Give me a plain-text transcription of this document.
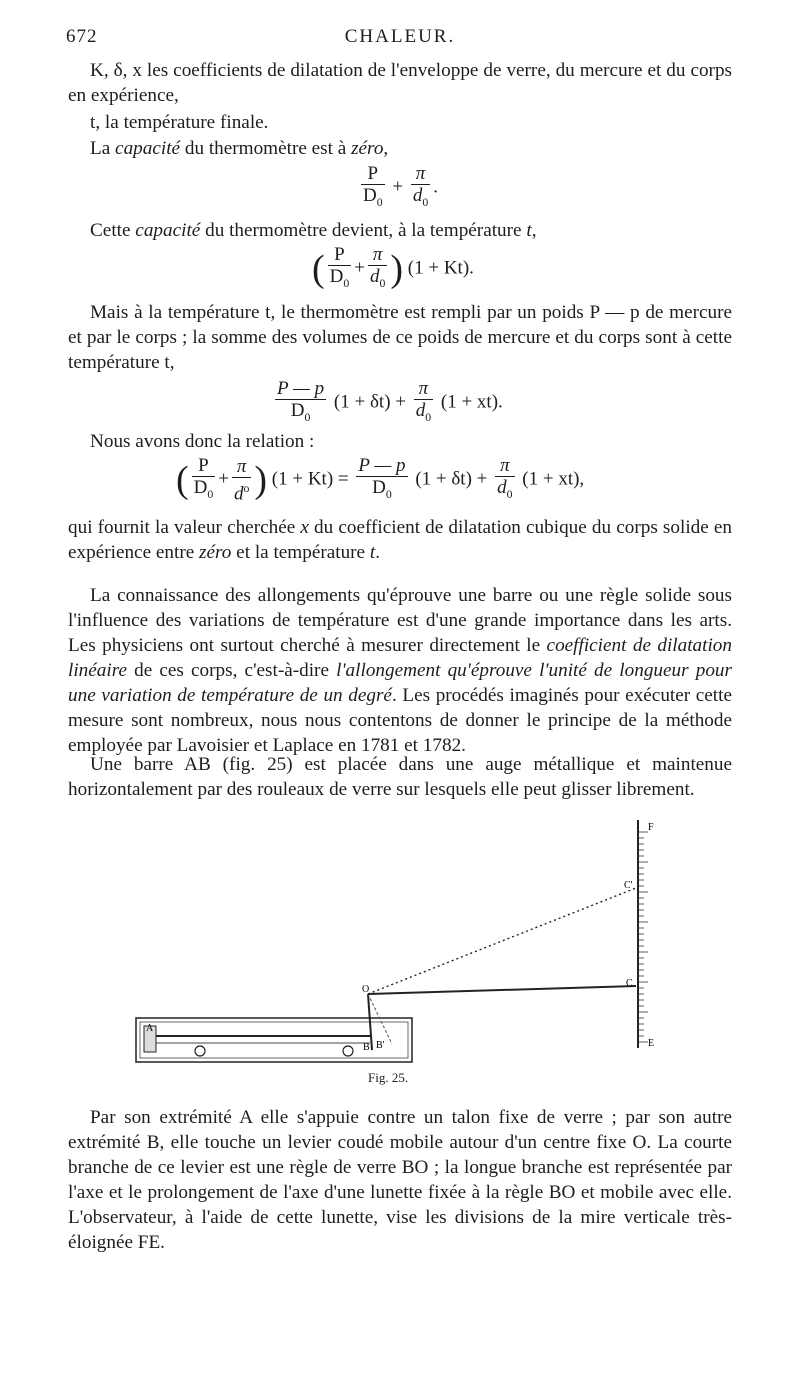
672	CHALEUR.

K, δ, x les coefficients de dilatation de l'enveloppe de verre, du mercure et du corps en expérience,

t, la température finale.
La capacité du thermomètre est à zéro,
$\frac{P}{D_0} + \frac{\pi}{d_0}$ .
Cette capacité du thermomètre devient, à la température t,
( $\frac{P}{D_0} + \frac{\pi}{d_0}$ ) (1 + Kt).

Mais à la température t, le thermomètre est rempli par un poids P — p de mercure et par le corps ; la somme des volumes de ce poids de mercure et du corps sont à cette température t,

$\frac{P — p}{D_0} (1 + \delta t) + \frac{\pi}{d_0} (1 + xt)$.
Nous avons donc la relation :
( $\frac{P}{D_0} + \frac{\pi}{d^o}$ ) $(1 + Kt) = \frac{P — p}{D_0} (1 + \delta t) + \frac{\pi}{d_0} (1 + xt)$,

qui fournit la valeur cherchée x du coefficient de dilatation cubique du corps solide en expérience entre zéro et la température t.

La connaissance des allongements qu'éprouve une barre ou une règle solide sous l'influence des variations de température est d'une grande importance dans les arts. Les physiciens ont surtout cherché à mesurer directement le coefficient de dilatation linéaire de ces corps, c'est-à-dire l'allongement qu'éprouve l'unité de longueur pour une variation de température de un degré. Les procédés imaginés pour exécuter cette mesure sont nombreux, nous nous contentons de donner le principe de la méthode employée par Lavoisier et Laplace en 1781 et 1782.

Une barre AB (fig. 25) est placée dans une auge métallique et maintenue horizontalement par des rouleaux de verre sur lesquels elle peut glisser librement.

A
B B'
O
F
C
C'
E
Fig. 25.

Par son extrémité A elle s'appuie contre un talon fixe de verre ; par son autre extrémité B, elle touche un levier coudé mobile autour d'un centre fixe O. La courte branche de ce levier est une règle de verre BO ; la longue branche est représentée par l'axe et le prolongement de l'axe d'une lunette fixée à la règle BO et mobile avec elle. L'observateur, à l'aide de cette lunette, vise les divisions de la mire verticale très-éloignée FE.
